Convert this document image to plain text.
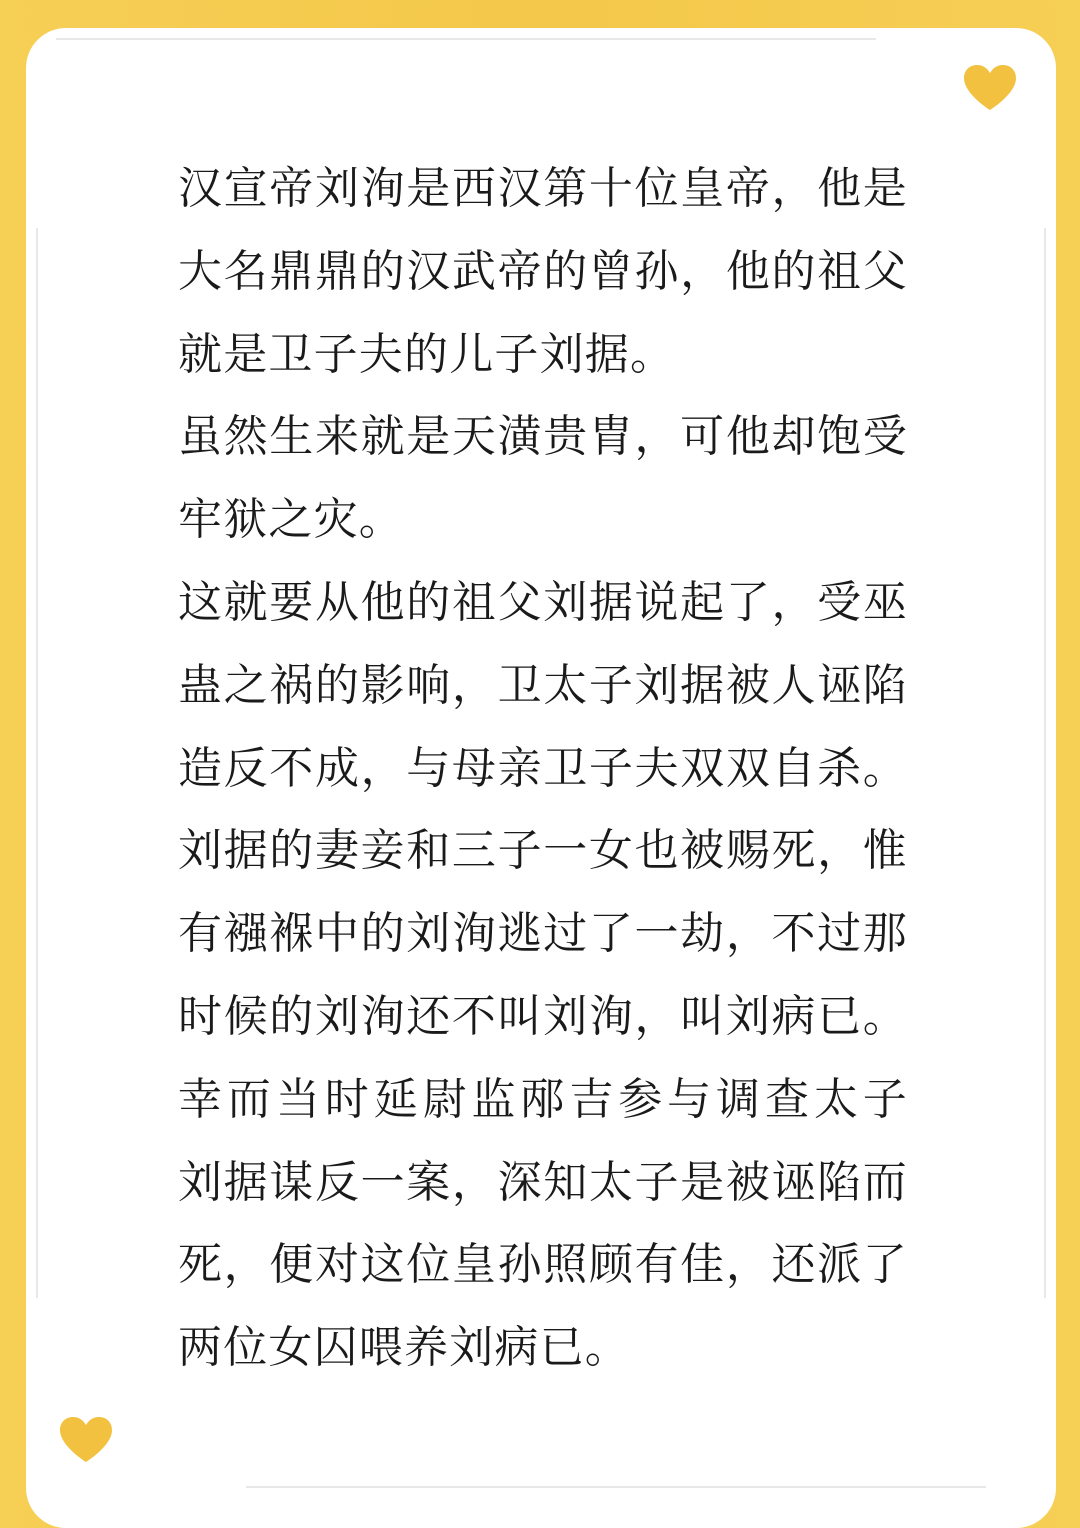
汉宣帝刘洵是西汉第十位皇帝，他是
大名鼎鼎的汉武帝的曾孙，他的祖父
就是卫子夫的儿子刘据。
虽然生来就是天潢贵胄，可他却饱受
牢狱之灾。
这就要从他的祖父刘据说起了，受巫
蛊之祸的影响，卫太子刘据被人诬陷
造反不成，与母亲卫子夫双双自杀。
刘据的妻妾和三子一女也被赐死，惟
有襁褓中的刘洵逃过了一劫，不过那
时候的刘洵还不叫刘洵，叫刘病已。
幸而当时延尉监邴吉参与调查太子
刘据谋反一案，深知太子是被诬陷而
死，便对这位皇孙照顾有佳，还派了
两位女囚喂养刘病已。
